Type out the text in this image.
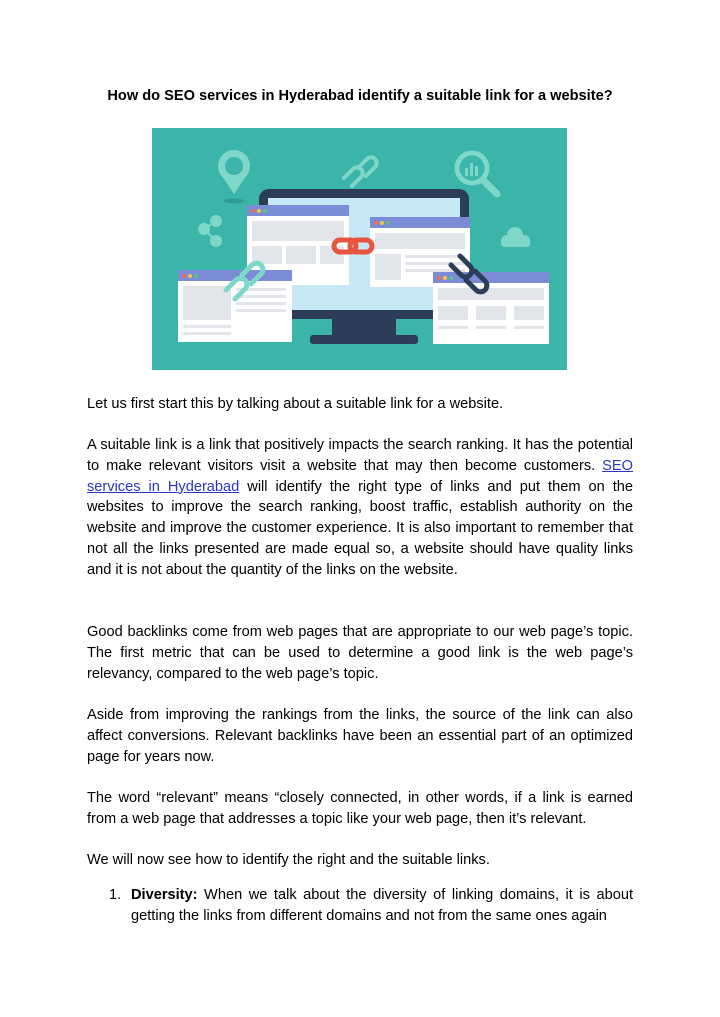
How do SEO services in Hyderabad identify a suitable link for a website?

Let us first start this by talking about a suitable link for a website.

A suitable link is a link that positively impacts the search ranking. It has the potential to make relevant visitors visit a website that may then become customers. SEO services in Hyderabad will identify the right type of links and put them on the websites to improve the search ranking, boost traffic, establish authority on the website and improve the customer experience. It is also important to remember that not all the links presented are made equal so, a website should have quality links and it is not about the quantity of the links on the website.

Good backlinks come from web pages that are appropriate to our web page’s topic. The first metric that can be used to determine a good link is the web page’s relevancy, compared to the web page’s topic.

Aside from improving the rankings from the links, the source of the link can also affect conversions. Relevant backlinks have been an essential part of an optimized page for years now.

The word “relevant” means “closely connected, in other words, if a link is earned from a web page that addresses a topic like your web page, then it’s relevant.

We will now see how to identify the right and the suitable links.

1. Diversity: When we talk about the diversity of linking domains, it is about getting the links from different domains and not from the same ones again
